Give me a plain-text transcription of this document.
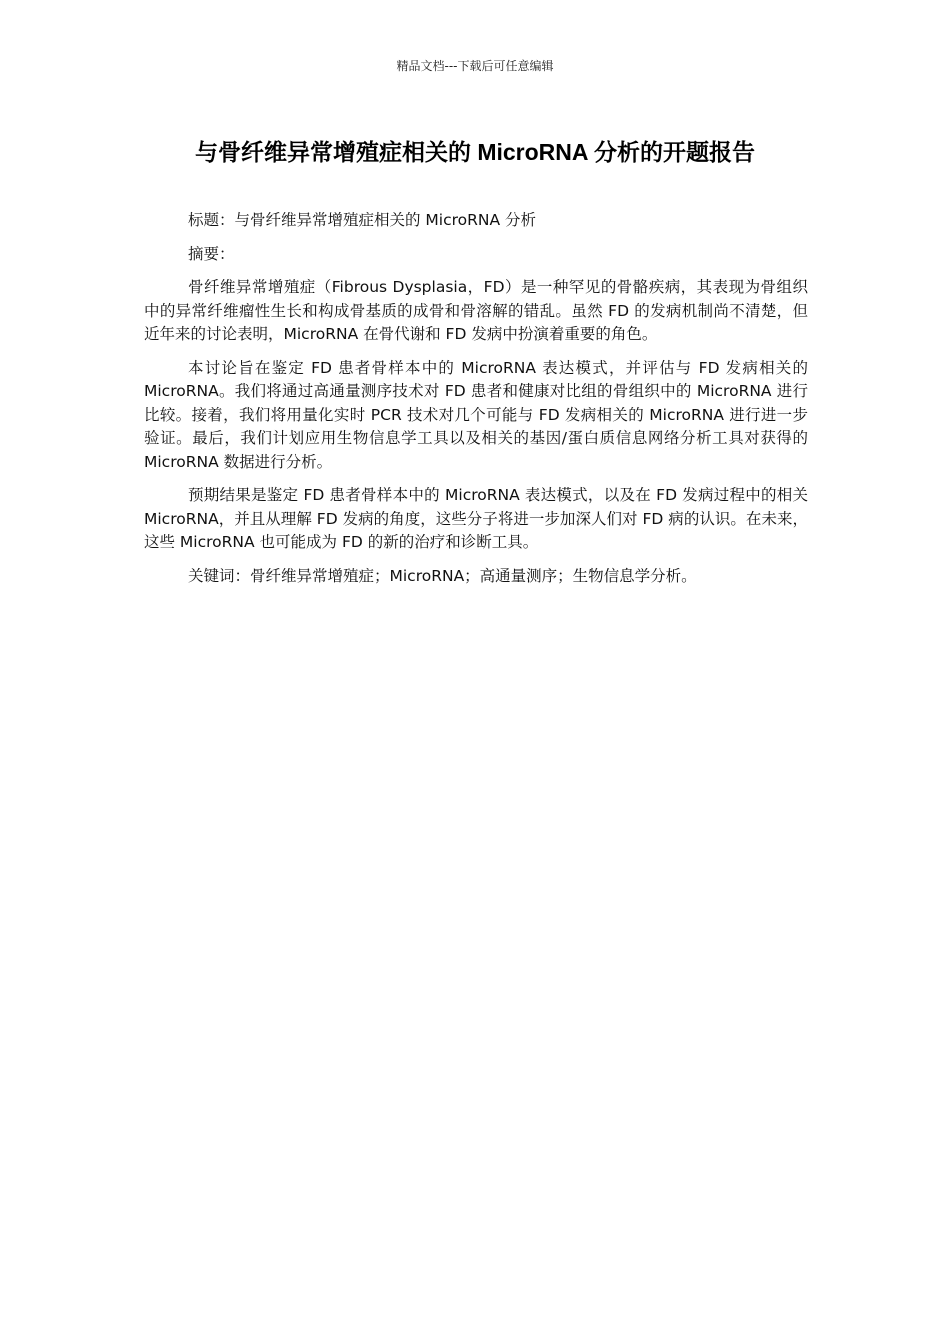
精品文档---下载后可任意编辑
与骨纤维异常增殖症相关的 MicroRNA 分析的开题报告

标题：与骨纤维异常增殖症相关的 MicroRNA 分析

摘要：

骨纤维异常增殖症（Fibrous Dysplasia，FD）是一种罕见的骨骼疾病，其表现为骨组织中的异常纤维瘤性生长和构成骨基质的成骨和骨溶解的错乱。虽然 FD 的发病机制尚不清楚，但近年来的讨论表明，MicroRNA 在骨代谢和 FD 发病中扮演着重要的角色。

本讨论旨在鉴定 FD 患者骨样本中的 MicroRNA 表达模式，并评估与 FD 发病相关的 MicroRNA。我们将通过高通量测序技术对 FD 患者和健康对比组的骨组织中的 MicroRNA 进行比较。接着，我们将用量化实时 PCR 技术对几个可能与 FD 发病相关的 MicroRNA 进行进一步验证。最后，我们计划应用生物信息学工具以及相关的基因/蛋白质信息网络分析工具对获得的 MicroRNA 数据进行分析。

预期结果是鉴定 FD 患者骨样本中的 MicroRNA 表达模式，以及在 FD 发病过程中的相关 MicroRNA，并且从理解 FD 发病的角度，这些分子将进一步加深人们对 FD 病的认识。在未来，这些 MicroRNA 也可能成为 FD 的新的治疗和诊断工具。

关键词：骨纤维异常增殖症；MicroRNA；高通量测序；生物信息学分析。
